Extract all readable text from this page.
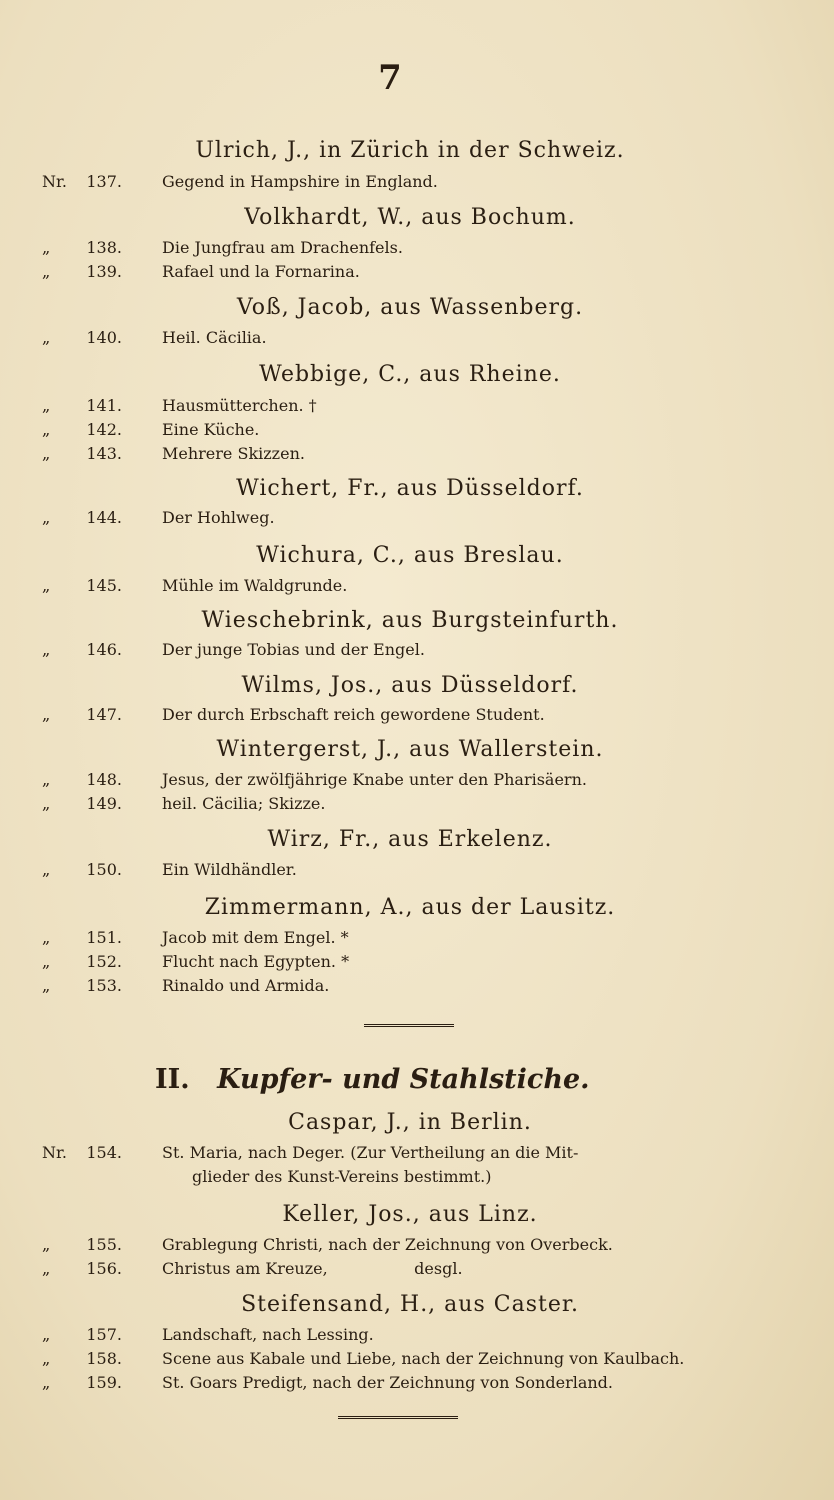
7
Ulrich, J., in Zürich in der Schweiz.
Nr.	137.	Gegend in Hampshire in England.
Volkhardt, W., aus Bochum.
„	138.	Die Jungfrau am Drachenfels.
„	139.	Rafael und la Fornarina.
Voß, Jacob, aus Wassenberg.
„	140.	Heil. Cäcilia.
Webbige, C., aus Rheine.
„	141.	Hausmütterchen. †
„	142.	Eine Küche.
„	143.	Mehrere Skizzen.
Wichert, Fr., aus Düsseldorf.
„	144.	Der Hohlweg.
Wichura, C., aus Breslau.
„	145.	Mühle im Waldgrunde.
Wieschebrink, aus Burgsteinfurth.
„	146.	Der junge Tobias und der Engel.
Wilms, Jos., aus Düsseldorf.
„	147.	Der durch Erbschaft reich gewordene Student.
Wintergerst, J., aus Wallerstein.
„	148.	Jesus, der zwölfjährige Knabe unter den Pharisäern.
„	149.	heil. Cäcilia; Skizze.
Wirz, Fr., aus Erkelenz.
„	150.	Ein Wildhändler.
Zimmermann, A., aus der Lausitz.
„	151.	Jacob mit dem Engel. *
„	152.	Flucht nach Egypten. *
„	153.	Rinaldo und Armida.
II. Kupfer- und Stahlstiche.
Caspar, J., in Berlin.
Nr.	154.	St. Maria, nach Deger. (Zur Vertheilung an die Mit-
glieder des Kunst-Vereins bestimmt.)
Keller, Jos., aus Linz.
„	155.	Grablegung Christi, nach der Zeichnung von Overbeck.
„	156.	Christus am Kreuze,                 desgl.
Steifensand, H., aus Caster.
„	157.	Landschaft, nach Lessing.
„	158.	Scene aus Kabale und Liebe, nach der Zeichnung von Kaulbach.
„	159.	St. Goars Predigt, nach der Zeichnung von Sonderland.
